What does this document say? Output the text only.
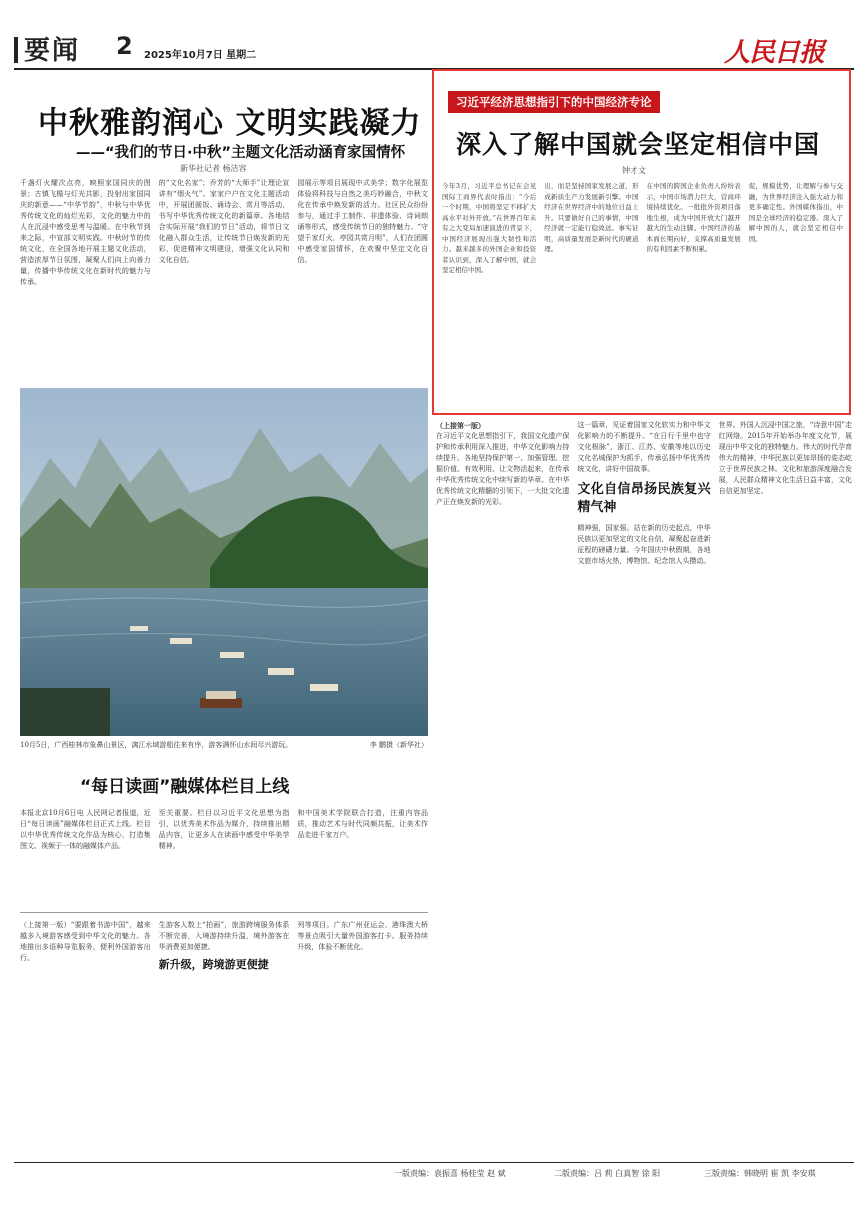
要闻 2 2025年10月7日 星期二	人民日报
中秋雅韵润心 文明实践凝力
——“我们的节日·中秋”主题文化活动涵育家国情怀
新华社记者 杨洁容
千盏灯火耀次点亮，映照家国同庆的图景；古镇飞檐与灯光共影，投射出家国同庆的新意——“中华节韵”，中秋与中华优秀传统文化的灿烂光彩，文化的魅力中的人在沉浸中感受思考与温暖。在中秋节到来之际，中宣部文明实践。中秋时节的传统文化，在全国各地开展主题文化活动，营造浓厚节日氛围，凝聚人们向上向善力量，传播中华传统文化在新时代的魅力与传承。
的“文化名家”；乔芳的“大师手”让理论宣讲有“烟火气”。家家户户在文化主题活动中，开展团圆饭、诵诗会、赏月等活动，书写中华优秀传统文化的新篇章。各地结合实际开展“我们的节日”活动，将节日文化融入群众生活，让传统节日焕发新的光彩，促进精神文明建设，增强文化认同和文化自信。
园展示等项目展现中式美学；数字化展览体验将科技与自然之美巧妙融合，中秋文化在传承中焕发新的活力。社区民众纷纷参与，通过手工制作、非遗体验、诗词朗诵等形式，感受传统节日的独特魅力。“守望千家灯火，亭园共赏月明”，人们在团圆中感受家国情怀，在欢聚中坚定文化自信。
10月5日，广西桂林市象鼻山景区，漓江水域游船往来有序，游客满怀山水间尽兴游玩。	李 鹏摄（新华社）
习近平经济思想指引下的中国经济专论
深入了解中国就会坚定相信中国
钟才文
今年3月，习近平总书记在会见国际工商界代表时指出：“今后一个时期，中国将坚定不移扩大高水平对外开放。”在世界百年未有之大变局加速演进的背景下，中国经济展现出强大韧性和活力。越来越多的外国企业和投资者认识到，深入了解中国，就会坚定相信中国。
出，而是坚持国家发展之道，形成新质生产力发展新引擎。中国经济在世界经济中的地位日益上升。只要做好自己的事情，中国经济就一定能行稳致远。事实证明，高质量发展是新时代的硬道理。
在中国的跨国企业负责人纷纷表示，中国市场潜力巨大，营商环境持续优化。一批批外资项目落地生根，成为中国开放大门越开越大的生动注脚。中国经济的基本面长期向好，支撑高质量发展的有利因素不断积累。
促，规模优势，让理解与参与交融，为世界经济注入强大动力和更多确定性。外国媒体指出，中国是全球经济的稳定器。深入了解中国的人，就会坚定相信中国。
（上接第一版）
在习近平文化思想指引下，我国文化遗产保护和传承利用深入推进，中华文化影响力持续提升。各地坚持保护第一、加强管理、挖掘价值、有效利用、让文物活起来，在传承中华优秀传统文化中续写新的华章。在中华优秀传统文化精髓的引领下，一大批文化遗产正在焕发新的光彩。
这一篇章，见证着国家文化软实力和中华文化影响力的不断提升。“在日行千里中也守文化根脉”，浙江、江苏、安徽等地以历史文化名城保护为抓手，传承弘扬中华优秀传统文化，讲好中国故事。
文化自信昂扬民族复兴精气神
精神强，国家强。站在新的历史起点，中华民族以更加坚定的文化自信，凝聚起奋进新征程的磅礴力量。今年国庆中秋假期，各地文旅市场火热，博物馆、纪念馆人头攒动。
世界。外国人沉浸中国之旅，“诗意中国”走红网络。2015年开始举办年度文化节，展现出中华文化的独特魅力。伟大的时代孕育伟大的精神，中华民族以更加昂扬的姿态屹立于世界民族之林。文化和旅游深度融合发展，人民群众精神文化生活日益丰富，文化自信更加坚定。
“每日读画”融媒体栏目上线
本报北京10月6日电 人民网记者报道，近日“每日读画”融媒体栏目正式上线。栏目以中华优秀传统文化作品为核心，打造集图文、视频于一体的融媒体产品。
至关重要。栏目以习近平文化思想为指引，以优秀美术作品为媒介，持续推出精品内容，让更多人在读画中感受中华美学精神。
和中国美术学院联合打造，注重内容品质，推动艺术与时代同频共振，让美术作品走进千家万户。
（上接第一版）“要跟着书游中国”，越来越多入境游客感受到中华文化的魅力。各地推出多语种导览服务，便利外国游客出行。
生游客人数上“拍画”，旅游跨境服务体系不断完善，入境游持续升温，境外游客在华消费更加便捷。
新升级，跨境游更便捷
列等项目。广东广州亚运会、港珠澳大桥等景点吸引大量外国游客打卡。服务持续升级，体验不断优化。
一版责编：袁振喜 杨桂莹 赵 斌	二版责编：吕 莉 白真智 徐 阳	三版责编：韩晓明 崔 凯 李安琪
